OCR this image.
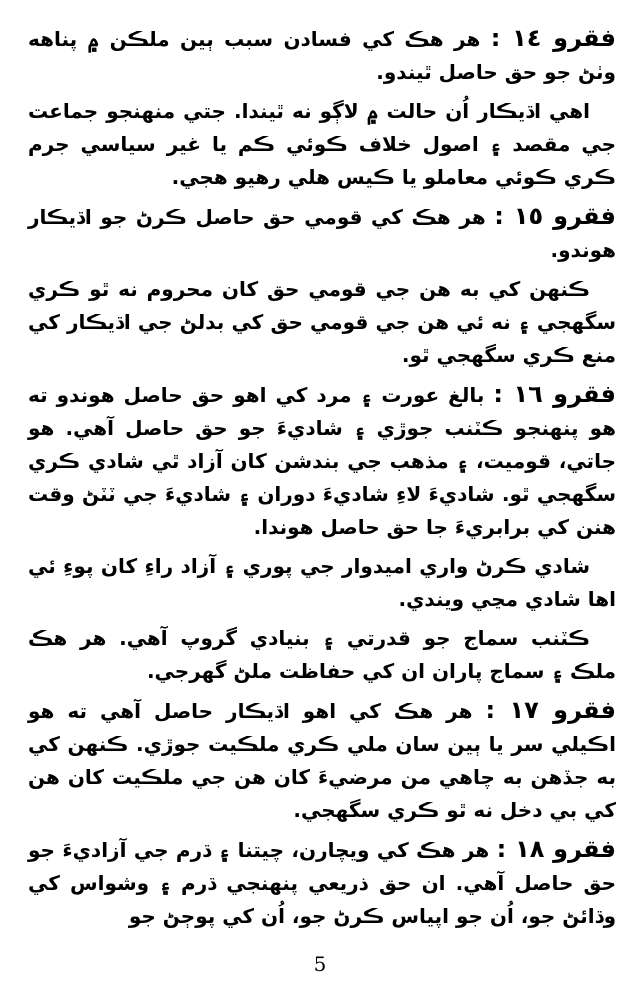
فقرو ١٤ : هر هڪ کي فسادن سبب ٻين ملڪن ۾ پناهه وٺڻ جو حق حاصل ٿيندو.

اهي اڌيڪار اُن حالت ۾ لاڳو نه ٿيندا. جتي منهنجو جماعت جي مقصد ۽ اصول خلاف ڪوئي ڪم يا غير سياسي جرم ڪري ڪوئي معاملو يا ڪيس هلي رهيو هجي.

فقرو ١٥ : هر هڪ کي قومي حق حاصل ڪرڻ جو اڌيڪار هوندو.

ڪنهن کي به هن جي قومي حق کان محروم نه ٿو ڪري سگهجي ۽ نه ئي هن جي قومي حق کي بدلڻ جي اڌيڪار کي منع ڪري سگهجي ٿو.

فقرو ١٦ : بالغ عورت ۽ مرد کي اهو حق حاصل هوندو ته هو پنهنجو ڪٽنب جوڙي ۽ شاديءَ جو حق حاصل آهي. هو جاتي، قوميت، ۽ مذهب جي بندشن کان آزاد ٿي شادي ڪري سگهجي ٿو. شاديءَ لاءِ شاديءَ دوران ۽ شاديءَ جي ٽٽڻ وقت هنن کي برابريءَ جا حق حاصل هوندا.

شادي ڪرڻ واري اميدوار جي پوري ۽ آزاد راءِ کان پوءِ ئي اها شادي مڃي ويندي.

ڪٽنب سماج جو قدرتي ۽ بنيادي گروپ آهي. هر هڪ ملڪ ۽ سماج پاران ان کي حفاظت ملڻ گهرجي.

فقرو ١٧ : هر هڪ کي اهو اڌيڪار حاصل آهي ته هو اڪيلي سر يا ٻين سان ملي ڪري ملڪيت جوڙي. ڪنهن کي به جڏهن به چاهي من مرضيءَ کان هن جي ملڪيت کان هن کي بي دخل نه ٿو ڪري سگهجي.

فقرو ١٨ : هر هڪ کي ويچارن، چيتنا ۽ ڌرم جي آزاديءَ جو حق حاصل آهي. ان حق ذريعي پنهنجي ڌرم ۽ وشواس کي وڌائڻ جو، اُن جو اپياس ڪرڻ جو، اُن کي پوڄڻ جو

5
